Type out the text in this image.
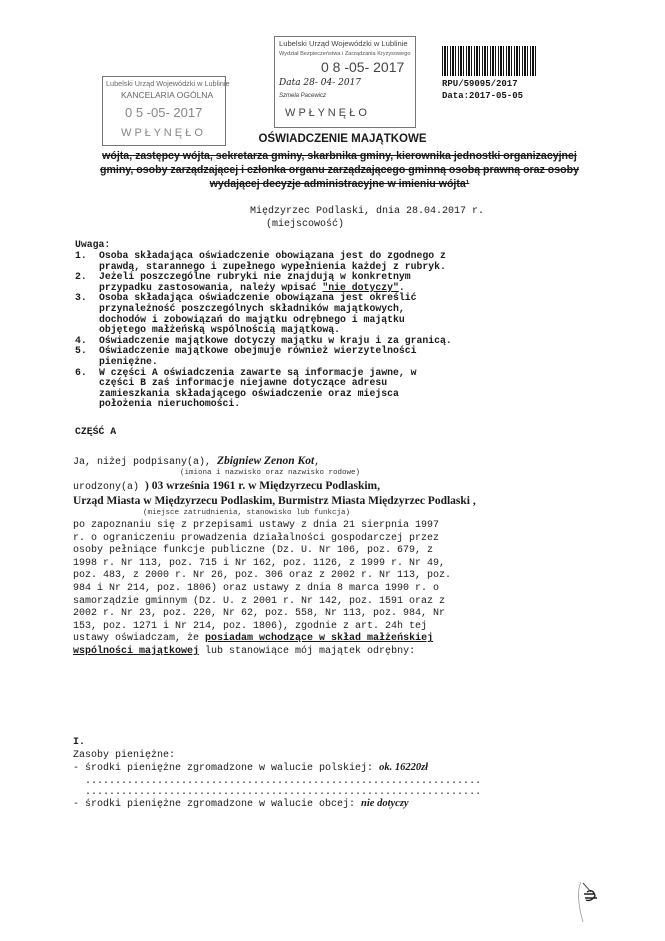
Lubelski Urząd Wojewódzki w Lublinie
KANCELARIA OGÓLNA
0 5 -05- 2017
W P Ł Y N Ę Ł O
Lubelski Urząd Wojewódzki w Lublinie
Wydział Bezpieczeństwa i Zarządzania Kryzysowego
0 8 -05- 2017
Data 28- 04- 2017
Szmela Pacewicz
W P Ł Y N Ę Ł O
RPU/59095/2017
Data:2017-05-05
OŚWIADCZENIE MAJĄTKOWE
wójta, zastępcy wójta, sekretarza gminy, skarbnika gminy, kierownika jednostki organizacyjnej
gminy, osoby zarządzającej i członka organu zarządzającego gminną osobą prawną oraz osoby
wydającej decyzje administracyjne w imieniu wójta¹
Międzyrzec Podlaski, dnia 28.04.2017 r.
(miejscowość)
Uwaga:
1. Osoba składająca oświadczenie obowiązana jest do zgodnego z
prawdą, starannego i zupełnego wypełnienia każdej z rubryk.
2. Jeżeli poszczególne rubryki nie znajdują w konkretnym
przypadku zastosowania, należy wpisać "nie dotyczy".
3. Osoba składająca oświadczenie obowiązana jest określić
przynależność poszczególnych składników majątkowych,
dochodów i zobowiązań do majątku odrębnego i majątku
objętego małżeńską wspólnością majątkową.
4. Oświadczenie majątkowe dotyczy majątku w kraju i za granicą.
5. Oświadczenie majątkowe obejmuje również wierzytelności
pieniężne.
6. W części A oświadczenia zawarte są informacje jawne, w
części B zaś informacje niejawne dotyczące adresu
zamieszkania składającego oświadczenie oraz miejsca
położenia nieruchomości.
CZĘŚĆ A
Ja, niżej podpisany(a), Zbigniew Zenon Kot,
(imiona i nazwisko oraz nazwisko rodowe)
urodzony(a) ) 03 września 1961 r. w Międzyrzecu Podlaskim,
Urząd Miasta w Międzyrzecu Podlaskim, Burmistrz Miasta Międzyrzec Podlaski ,
(miejsce zatrudnienia, stanowisko lub funkcja)
po zapoznaniu się z przepisami ustawy z dnia 21 sierpnia 1997
r. o ograniczeniu prowadzenia działalności gospodarczej przez
osoby pełniące funkcje publiczne (Dz. U. Nr 106, poz. 679, z
1998 r. Nr 113, poz. 715 i Nr 162, poz. 1126, z 1999 r. Nr 49,
poz. 483, z 2000 r. Nr 26, poz. 306 oraz z 2002 r. Nr 113, poz.
984 i Nr 214, poz. 1806) oraz ustawy z dnia 8 marca 1990 r. o
samorządzie gminnym (Dz. U. z 2001 r. Nr 142, poz. 1591 oraz z
2002 r. Nr 23, poz. 220, Nr 62, poz. 558, Nr 113, poz. 984, Nr
153, poz. 1271 i Nr 214, poz. 1806), zgodnie z art. 24h tej
ustawy oświadczam, że posiadam wchodzące w skład małżeńskiej
wspólności majątkowej lub stanowiące mój majątek odrębny:
I.
Zasoby pieniężne:
- środki pieniężne zgromadzone w walucie polskiej: ok. 16220zł
..................................................................
..................................................................
- środki pieniężne zgromadzone w walucie obcej: nie dotyczy
